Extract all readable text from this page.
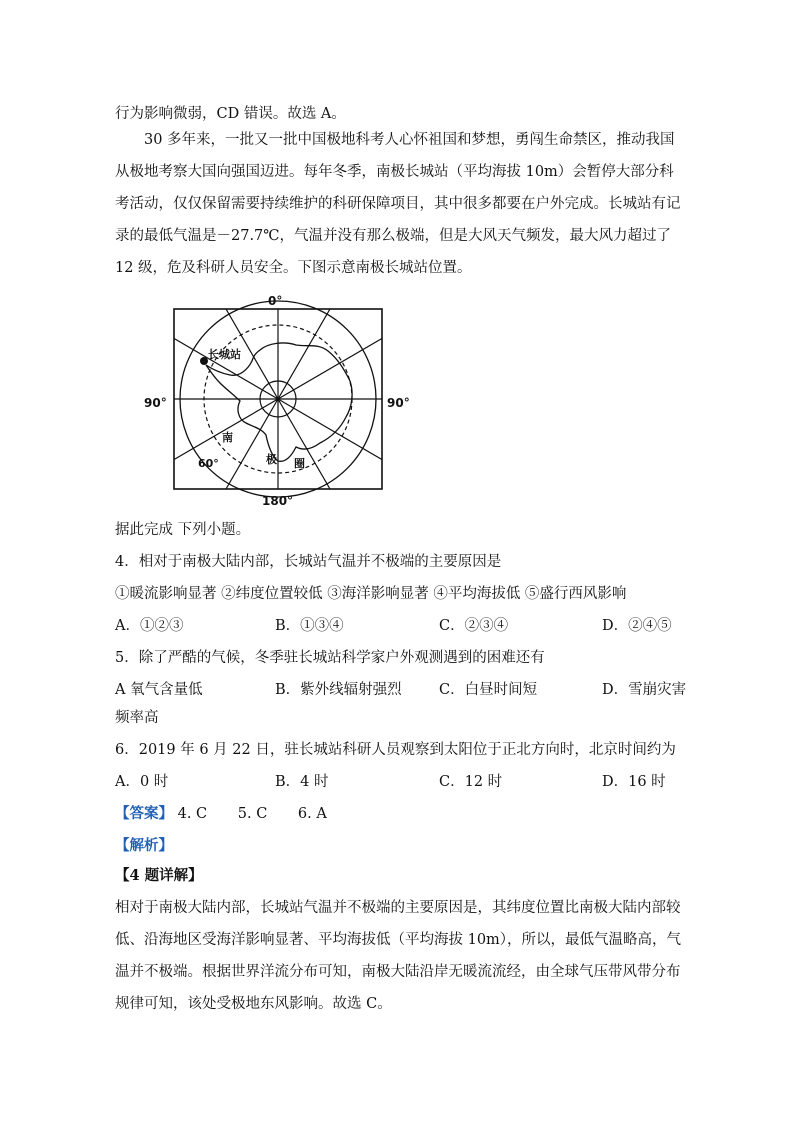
行为影响微弱，CD 错误。故选 A。

30 多年来，一批又一批中国极地科考人心怀祖国和梦想，勇闯生命禁区，推动我国从极地考察大国向强国迈进。每年冬季，南极长城站（平均海拔 10m）会暂停大部分科考活动，仅仅保留需要持续维护的科研保障项目，其中很多都要在户外完成。长城站有记录的最低气温是－27.7℃，气温并没有那么极端，但是大风天气频发，最大风力超过了 12 级，危及科研人员安全。下图示意南极长城站位置。

长城站
0°
180°
60°
南
极 圈
90°	90°
据此完成 下列小题。
4．相对于南极大陆内部，长城站气温并不极端的主要原因是
①暖流影响显著 ②纬度位置较低 ③海洋影响显著 ④平均海拔低 ⑤盛行西风影响
A．①②③	B．①③④	C．②③④	D．②④⑤
5．除了严酷的气候，冬季驻长城站科学家户外观测遇到的困难还有
A 氧气含量低	B．紫外线辐射强烈	C．白昼时间短	D．雪崩灾害
频率高
6．2019 年 6 月 22 日，驻长城站科研人员观察到太阳位于正北方向时，北京时间约为
A．0 时	B．4 时	C．12 时	D．16 时
【答案】 4. C 5. C 6. A
【解析】
【4 题详解】

相对于南极大陆内部，长城站气温并不极端的主要原因是，其纬度位置比南极大陆内部较低、沿海地区受海洋影响显著、平均海拔低（平均海拔 10m），所以，最低气温略高，气温并不极端。根据世界洋流分布可知，南极大陆沿岸无暖流流经，由全球气压带风带分布规律可知，该处受极地东风影响。故选 C。
